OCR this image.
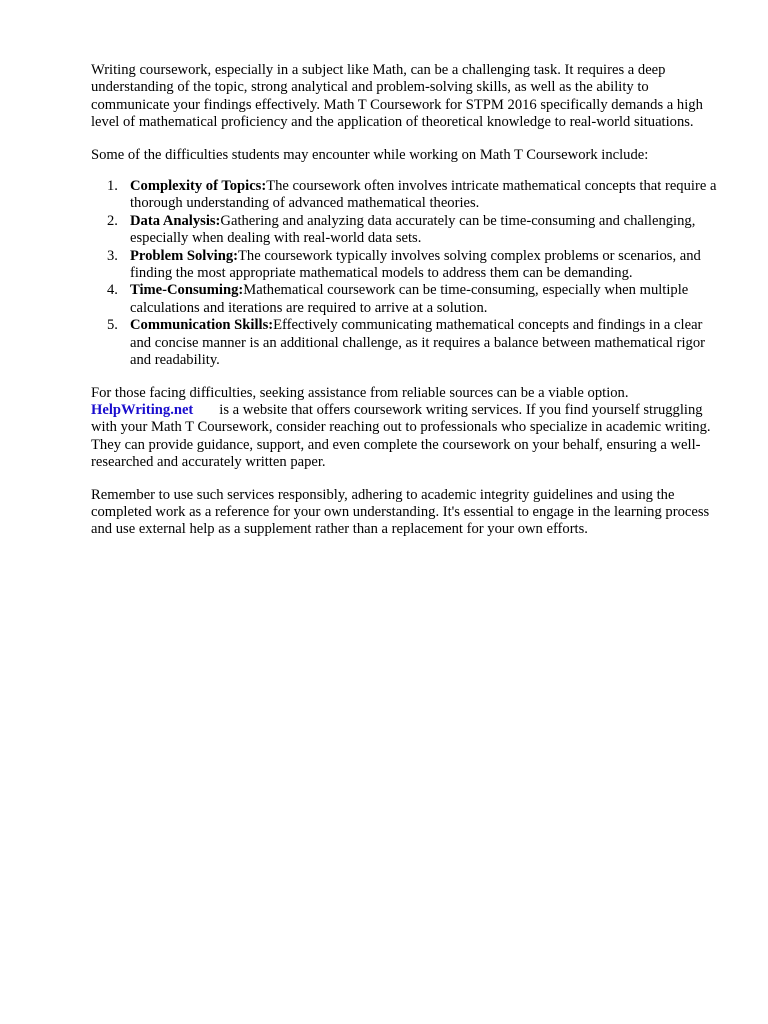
Writing coursework, especially in a subject like Math, can be a challenging task. It requires a deep understanding of the topic, strong analytical and problem-solving skills, as well as the ability to communicate your findings effectively. Math T Coursework for STPM 2016 specifically demands a high level of mathematical proficiency and the application of theoretical knowledge to real-world situations.

Some of the difficulties students may encounter while working on Math T Coursework include:

1. Complexity of Topics:The coursework often involves intricate mathematical concepts that require a thorough understanding of advanced mathematical theories.
2. Data Analysis:Gathering and analyzing data accurately can be time-consuming and challenging, especially when dealing with real-world data sets.
3. Problem Solving:The coursework typically involves solving complex problems or scenarios, and finding the most appropriate mathematical models to address them can be demanding.
4. Time-Consuming:Mathematical coursework can be time-consuming, especially when multiple calculations and iterations are required to arrive at a solution.
5. Communication Skills:Effectively communicating mathematical concepts and findings in a clear and concise manner is an additional challenge, as it requires a balance between mathematical rigor and readability.

For those facing difficulties, seeking assistance from reliable sources can be a viable option.
HelpWriting.net is a website that offers coursework writing services. If you find yourself struggling with your Math T Coursework, consider reaching out to professionals who specialize in academic writing. They can provide guidance, support, and even complete the coursework on your behalf, ensuring a well-researched and accurately written paper.

Remember to use such services responsibly, adhering to academic integrity guidelines and using the completed work as a reference for your own understanding. It's essential to engage in the learning process and use external help as a supplement rather than a replacement for your own efforts.
